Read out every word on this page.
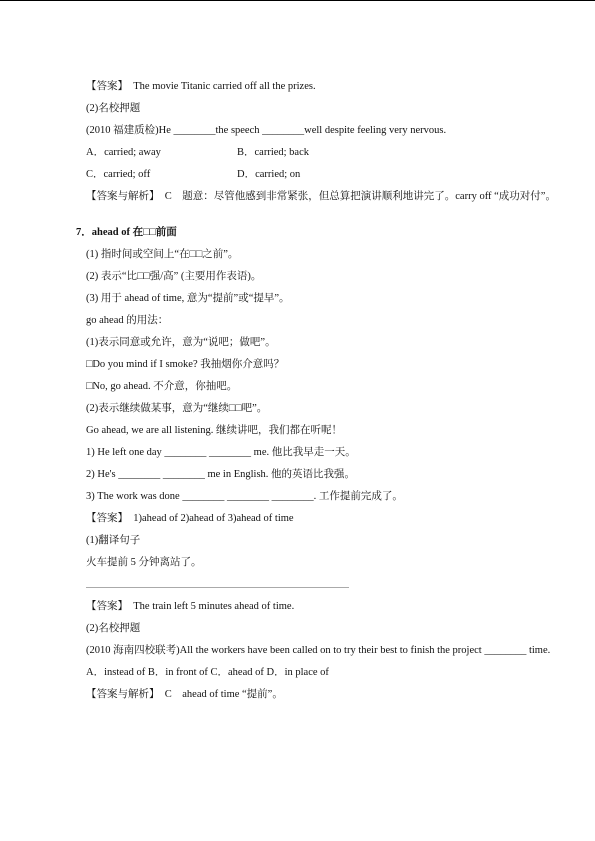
【答案】　The movie Titanic carried off all the prizes.
(2)名校押题
(2010 福建质检)He ________the speech ________well despite feeling very nervous.
A．carried; away	B．carried; back
C．carried; off	D．carried; on
【答案与解析】　C　题意：尽管他感到非常紧张，但总算把演讲顺利地讲完了。carry off “成功对付”。
7．ahead of 在□□前面
(1) 指时间或空间上“在□□之前”。
(2) 表示“比□□强/高” (主要用作表语)。
(3) 用于 ahead of time, 意为“提前”或“提早”。
go ahead 的用法：
(1)表示同意或允许，意为“说吧；做吧”。
□Do you mind if I smoke? 我抽烟你介意吗？
□No, go ahead. 不介意，你抽吧。
(2)表示继续做某事，意为“继续□□吧”。
Go ahead, we are all listening. 继续讲吧，我们都在听呢！
1) He left one day ________ ________ me. 他比我早走一天。
2) He's ________ ________ me in English. 他的英语比我强。
3) The work was done ________ ________ ________. 工作提前完成了。
【答案】　1)ahead of 2)ahead of 3)ahead of time
(1)翻译句子
火车提前 5 分钟离站了。
【答案】　The train left 5 minutes ahead of time.
(2)名校押题
(2010 海南四校联考)All the workers have been called on to try their best to finish the project ________ time.
A．instead of B．in front of C．ahead of D．in place of
【答案与解析】　C　ahead of time “提前”。
